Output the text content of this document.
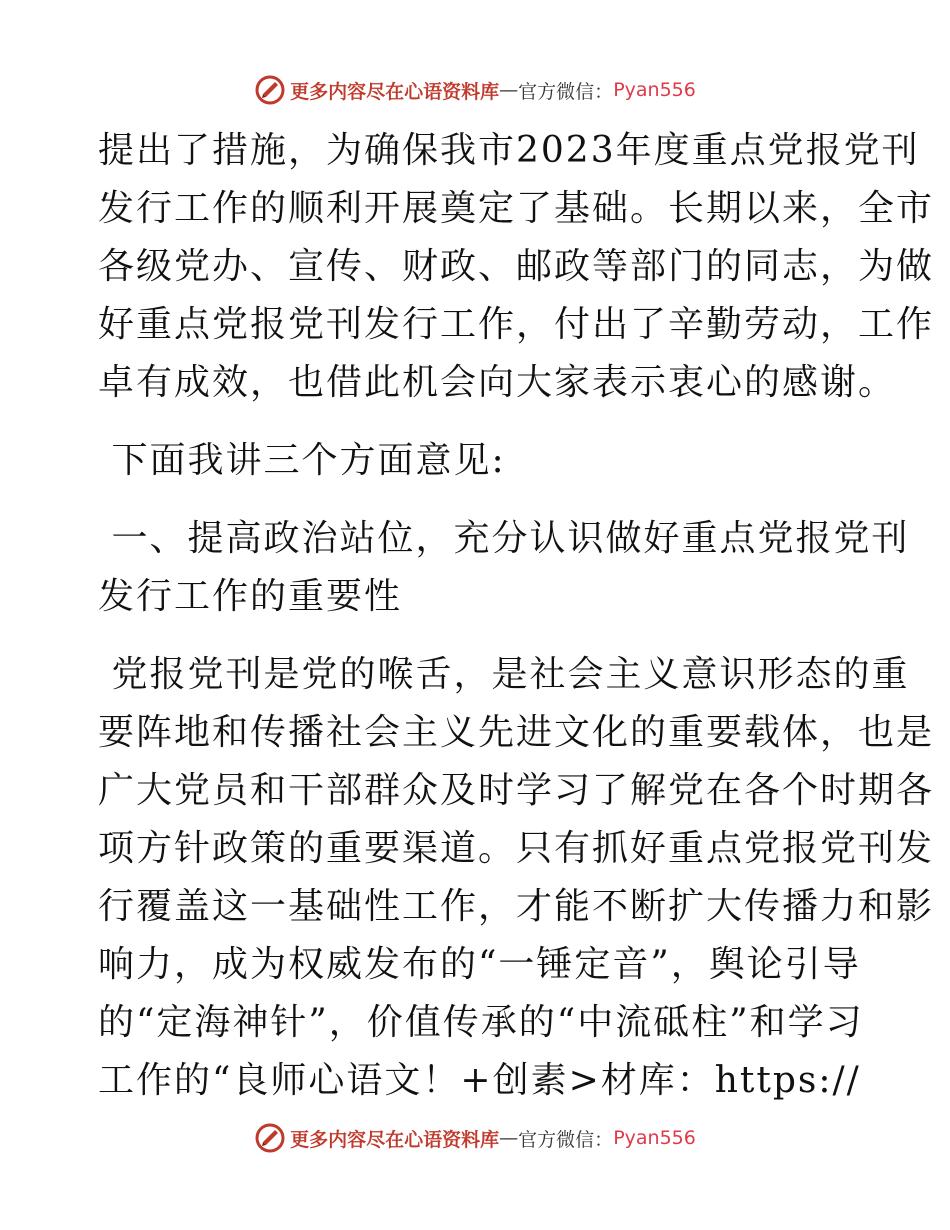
更多内容尽在心语资料库 — 官方微信： Pyan556
提出了措施，为确保我市2023年度重点党报党刊
发行工作的顺利开展奠定了基础。长期以来，全市
各级党办、宣传、财政、邮政等部门的同志，为做
好重点党报党刊发行工作，付出了辛勤劳动，工作
卓有成效，也借此机会向大家表示衷心的感谢。
下面我讲三个方面意见:
一、提高政治站位，充分认识做好重点党报党刊
发行工作的重要性
党报党刊是党的喉舌，是社会主义意识形态的重
要阵地和传播社会主义先进文化的重要载体，也是
广大党员和干部群众及时学习了解党在各个时期各
项方针政策的重要渠道。只有抓好重点党报党刊发
行覆盖这一基础性工作，才能不断扩大传播力和影
响力，成为权威发布的“一锤定音”，舆论引导
的“定海神针”，价值传承的“中流砥柱”和学习
工作的“良师心语文！+创素>材库：https://
更多内容尽在心语资料库 — 官方微信： Pyan556
